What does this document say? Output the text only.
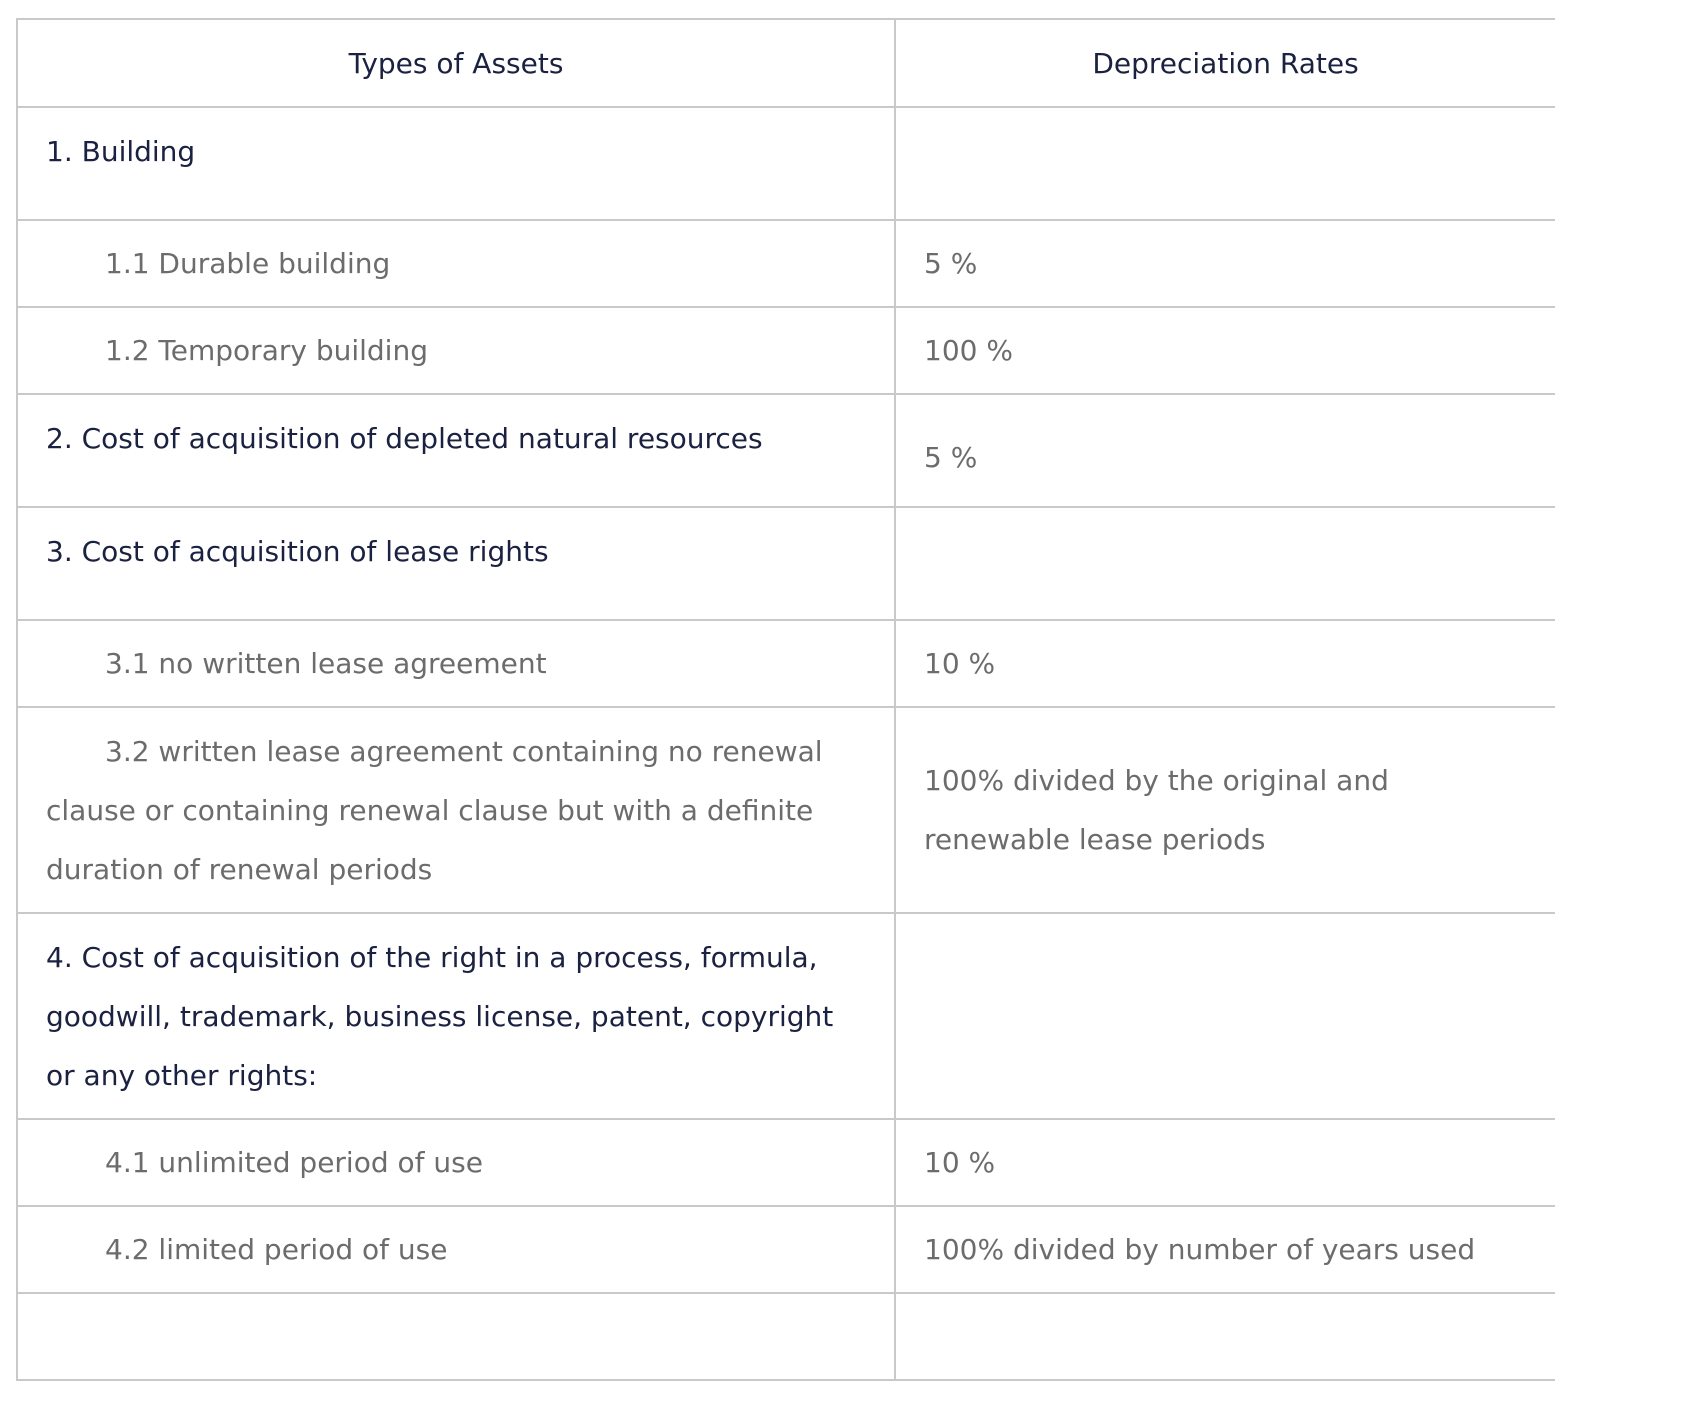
Types of Assets	Depreciation Rates
1. Building	
1.1 Durable building	5 %
1.2 Temporary building	100 %
2. Cost of acquisition of depleted natural resources	5 %
3. Cost of acquisition of lease rights	
3.1 no written lease agreement	10 %
3.2 written lease agreement containing no renewal clause or containing renewal clause but with a definite duration of renewal periods	100% divided by the original and renewable lease periods
4. Cost of acquisition of the right in a process, formula, goodwill, trademark, business license, patent, copyright or any other rights:	
4.1 unlimited period of use	10 %
4.2 limited period of use	100% divided by number of years used
